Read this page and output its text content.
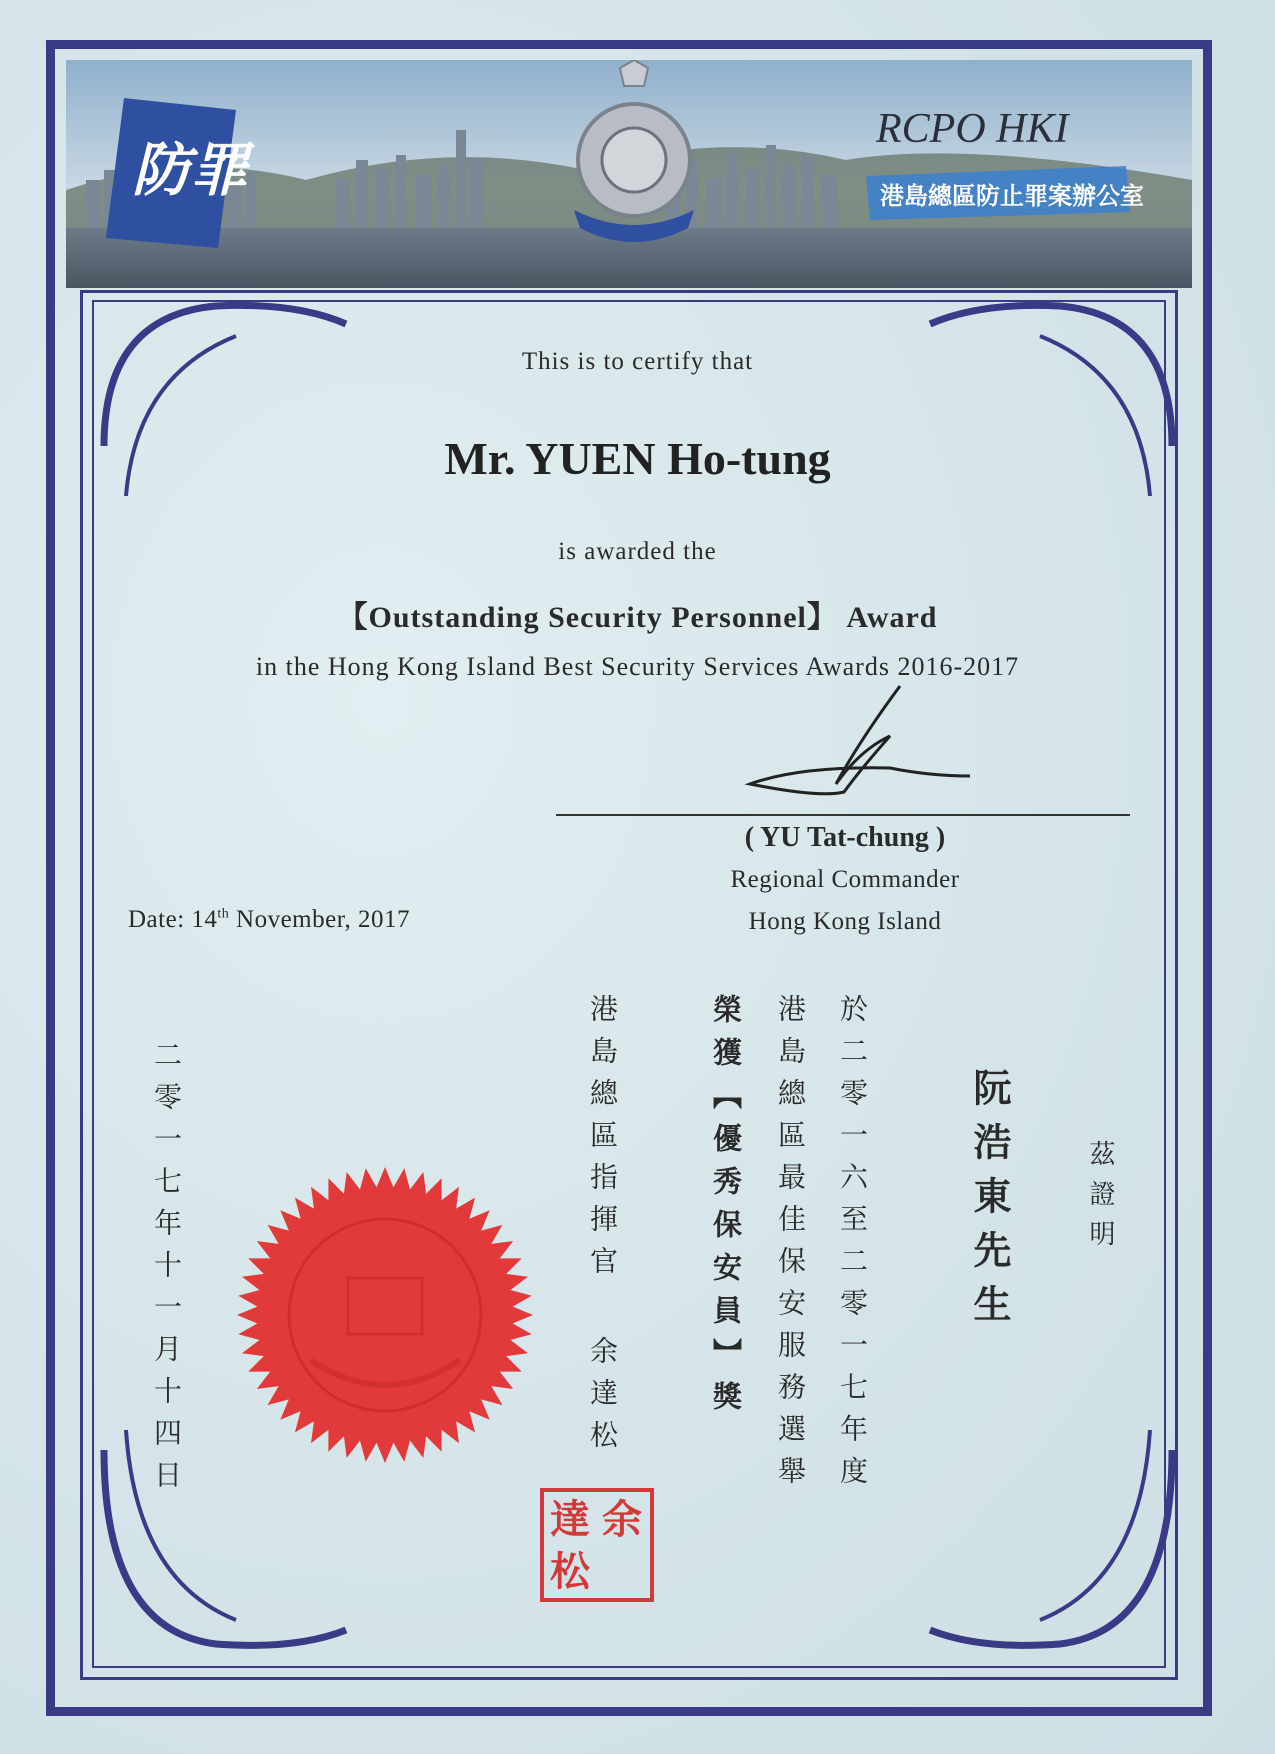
防罪
RCPO HKI
港島總區防止罪案辦公室
This is to certify that
Mr. YUEN Ho-tung
is awarded the
【Outstanding Security Personnel】 Award
in the Hong Kong Island Best Security Services Awards 2016-2017
( YU Tat-chung )
Regional Commander
Hong Kong Island
Date: 14th November, 2017
二零一七年十一月十四日	港島總區指揮官
余達松	榮獲【優秀保安員】獎 港島總區最佳保安服務選舉 於二零一六至二零一七年度	阮浩東先生	茲證明
達 余
松
